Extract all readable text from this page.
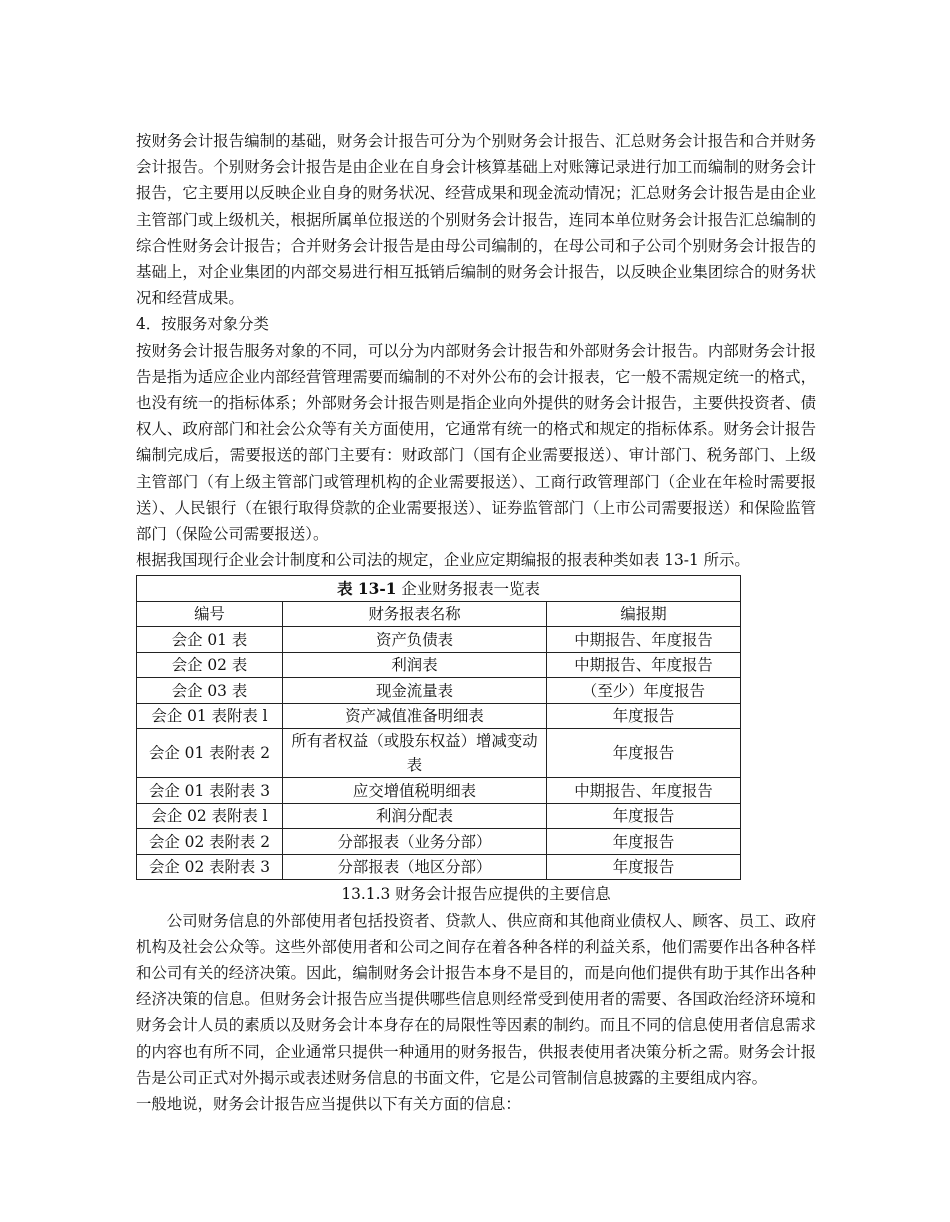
按财务会计报告编制的基础，财务会计报告可分为个别财务会计报告、汇总财务会计报告和合并财务会计报告。个别财务会计报告是由企业在自身会计核算基础上对账簿记录进行加工而编制的财务会计报告，它主要用以反映企业自身的财务状况、经营成果和现金流动情况；汇总财务会计报告是由企业主管部门或上级机关，根据所属单位报送的个别财务会计报告，连同本单位财务会计报告汇总编制的综合性财务会计报告；合并财务会计报告是由母公司编制的，在母公司和子公司个别财务会计报告的基础上，对企业集团的内部交易进行相互抵销后编制的财务会计报告，以反映企业集团综合的财务状况和经营成果。

4．按服务对象分类

按财务会计报告服务对象的不同，可以分为内部财务会计报告和外部财务会计报告。内部财务会计报告是指为适应企业内部经营管理需要而编制的不对外公布的会计报表，它一般不需规定统一的格式，也没有统一的指标体系；外部财务会计报告则是指企业向外提供的财务会计报告，主要供投资者、债权人、政府部门和社会公众等有关方面使用，它通常有统一的格式和规定的指标体系。财务会计报告编制完成后，需要报送的部门主要有：财政部门（国有企业需要报送）、审计部门、税务部门、上级主管部门（有上级主管部门或管理机构的企业需要报送）、工商行政管理部门（企业在年检时需要报送）、人民银行（在银行取得贷款的企业需要报送）、证券监管部门（上市公司需要报送）和保险监管部门（保险公司需要报送）。

根据我国现行企业会计制度和公司法的规定，企业应定期编报的报表种类如表 13-1 所示。

表 13-1 企业财务报表一览表		
编号	财务报表名称	编报期
会企 01 表	资产负债表	中期报告、年度报告
会企 02 表	利润表	中期报告、年度报告
会企 03 表	现金流量表	（至少）年度报告
会企 01 表附表 l	资产减值准备明细表	年度报告
会企 01 表附表 2	所有者权益（或股东权益）增减变动表	年度报告
会企 01 表附表 3	应交增值税明细表	中期报告、年度报告
会企 02 表附表 l	利润分配表	年度报告
会企 02 表附表 2	分部报表（业务分部）	年度报告
会企 02 表附表 3	分部报表（地区分部）	年度报告

13.1.3 财务会计报告应提供的主要信息

公司财务信息的外部使用者包括投资者、贷款人、供应商和其他商业债权人、顾客、员工、政府机构及社会公众等。这些外部使用者和公司之间存在着各种各样的利益关系，他们需要作出各种各样和公司有关的经济决策。因此，编制财务会计报告本身不是目的，而是向他们提供有助于其作出各种经济决策的信息。但财务会计报告应当提供哪些信息则经常受到使用者的需要、各国政治经济环境和财务会计人员的素质以及财务会计本身存在的局限性等因素的制约。而且不同的信息使用者信息需求的内容也有所不同，企业通常只提供一种通用的财务报告，供报表使用者决策分析之需。财务会计报告是公司正式对外揭示或表述财务信息的书面文件，它是公司管制信息披露的主要组成内容。

一般地说，财务会计报告应当提供以下有关方面的信息：
